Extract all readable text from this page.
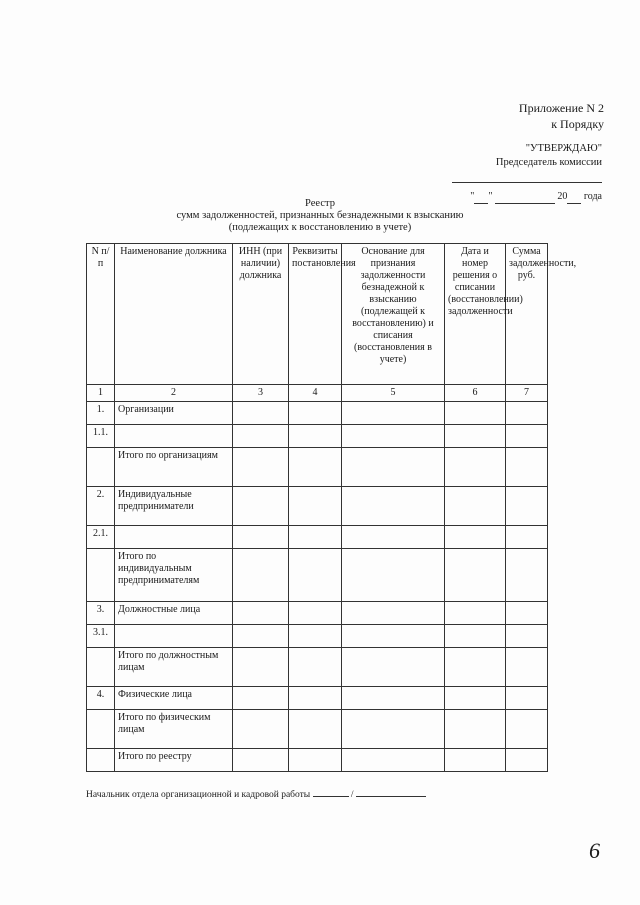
Приложение N 2
к Порядку
"УТВЕРЖДАЮ"
Председатель комиссии
" "	20 года
Реестр
сумм задолженностей, признанных безнадежными к взысканию
(подлежащих к восстановлению в учете)
N п/п	Наименование должника	ИНН (при наличии) должника	Реквизиты постановления	Основание для признания задолженности безнадежной к взысканию (подлежащей к восстановлению) и списания (восстановления в учете)	Дата и номер решения о списании (восстановлении) задолженности	Сумма задолженности, руб.
1	2	3	4	5	6	7
1.	Организации					
1.1.						
	Итого по организациям					
2.	Индивидуальные предприниматели					
2.1.						
	Итого по индивидуальным предпринимателям					
3.	Должностные лица					
3.1.						
	Итого по должностным лицам					
4.	Физические лица					
	Итого по физическим лицам					
	Итого по реестру					
Начальник отдела организационной и кадровой работы	/
6
